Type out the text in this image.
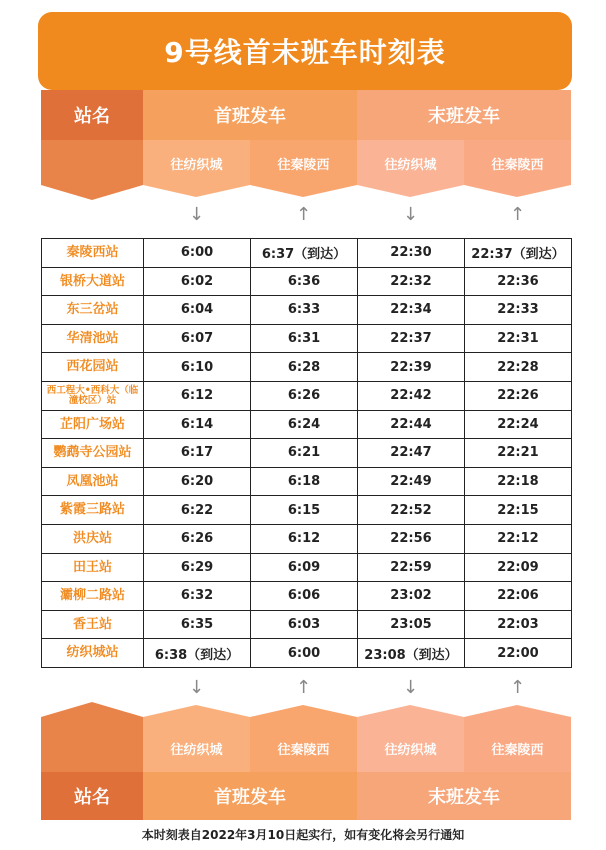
9号线首末班车时刻表
站名	首班发车	末班发车
往纺织城	往秦陵西	往纺织城	往秦陵西
↓	↑	↓	↑
秦陵西站	6:00	6:37（到达）	22:30	22:37（到达）
银桥大道站	6:02	6:36	22:32	22:36
东三岔站	6:04	6:33	22:34	22:33
华清池站	6:07	6:31	22:37	22:31
西花园站	6:10	6:28	22:39	22:28
西工程大•西科大（临潼校区）站	6:12	6:26	22:42	22:26
芷阳广场站	6:14	6:24	22:44	22:24
鹦鹉寺公园站	6:17	6:21	22:47	22:21
凤凰池站	6:20	6:18	22:49	22:18
紫霞三路站	6:22	6:15	22:52	22:15
洪庆站	6:26	6:12	22:56	22:12
田王站	6:29	6:09	22:59	22:09
灞柳二路站	6:32	6:06	23:02	22:06
香王站	6:35	6:03	23:05	22:03
纺织城站	6:38（到达）	6:00	23:08（到达）	22:00
↓	↑	↓	↑
往纺织城	往秦陵西	往纺织城	往秦陵西
站名	首班发车	末班发车
本时刻表自2022年3月10日起实行，如有变化将会另行通知
